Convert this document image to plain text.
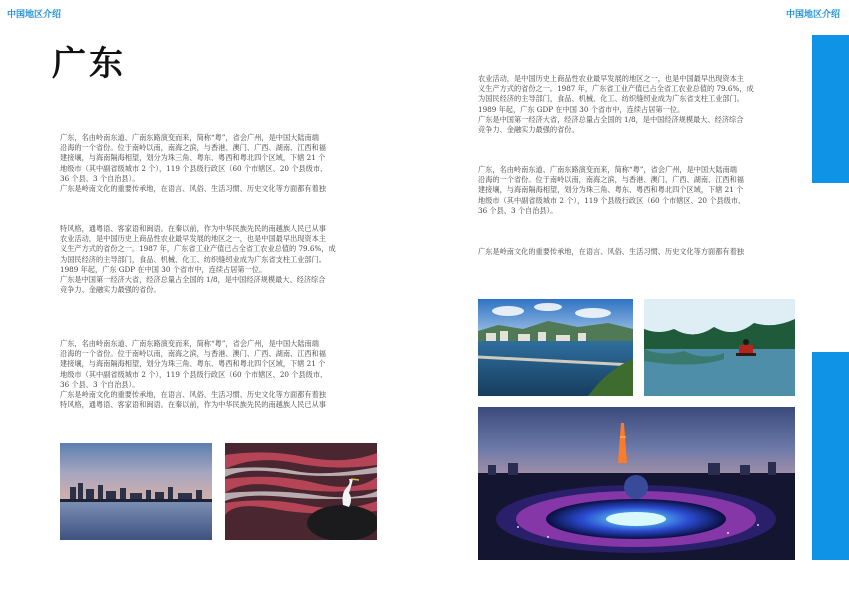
中国地区介绍	中国地区介绍
广东

广东，名由岭南东道、广南东路演变而来，简称“粤”，省会广州，是中国大陆南端
沿海的一个省份。位于南岭以南，南海之滨，与香港、澳门、广西、湖南、江西和福
建接壤，与海南隔海相望，划分为珠三角、粤东、粤西和粤北四个区域，下辖 21 个
地级市（其中副省级城市 2 个），119 个县级行政区（60 个市辖区、20 个县级市、
36 个县、3 个自治县）。
广东是岭南文化的重要传承地，在语言、风俗、生活习惯、历史文化等方面都有着独

特风格，通粤语、客家语和闽语。在秦以前，作为中华民族先民的南越族人民已从事
农业活动，是中国历史上商品性农业最早发展的地区之一，也是中国最早出现资本主
义生产方式的省份之一。1987 年，广东省工业产值已占全省工农业总值的 79.6%，成
为国民经济的主导部门，食品、机械、化工、纺织缝纫业成为广东省支柱工业部门。
1989 年起，广东 GDP 在中国 30 个省市中，连续占居第一位。
广东是中国第一经济大省，经济总量占全国的 1/8，是中国经济规模最大、经济综合
竞争力、金融实力最强的省份。

广东，名由岭南东道、广南东路演变而来，简称“粤”，省会广州，是中国大陆南端
沿海的一个省份。位于南岭以南，南海之滨，与香港、澳门、广西、湖南、江西和福
建接壤，与海南隔海相望，划分为珠三角、粤东、粤西和粤北四个区域，下辖 21 个
地级市（其中副省级城市 2 个），119 个县级行政区（60 个市辖区、20 个县级市、
36 个县、3 个自治县）。
广东是岭南文化的重要传承地，在语言、风俗、生活习惯、历史文化等方面都有着独
特风格，通粤语、客家语和闽语。在秦以前，作为中华民族先民的南越族人民已从事

农业活动，是中国历史上商品性农业最早发展的地区之一，也是中国最早出现资本主
义生产方式的省份之一。1987 年，广东省工业产值已占全省工农业总值的 79.6%，成
为国民经济的主导部门，食品、机械、化工、纺织缝纫业成为广东省支柱工业部门。
1989 年起，广东 GDP 在中国 30 个省市中，连续占居第一位。
广东是中国第一经济大省，经济总量占全国的 1/8，是中国经济规模最大、经济综合
竞争力、金融实力最强的省份。

广东，名由岭南东道、广南东路演变而来，简称“粤”，省会广州，是中国大陆南端
沿海的一个省份。位于南岭以南，南海之滨，与香港、澳门、广西、湖南、江西和福
建接壤，与海南隔海相望，划分为珠三角、粤东、粤西和粤北四个区域，下辖 21 个
地级市（其中副省级城市 2 个），119 个县级行政区（60 个市辖区、20 个县级市、
36 个县、3 个自治县）。

广东是岭南文化的重要传承地，在语言、风俗、生活习惯、历史文化等方面都有着独
